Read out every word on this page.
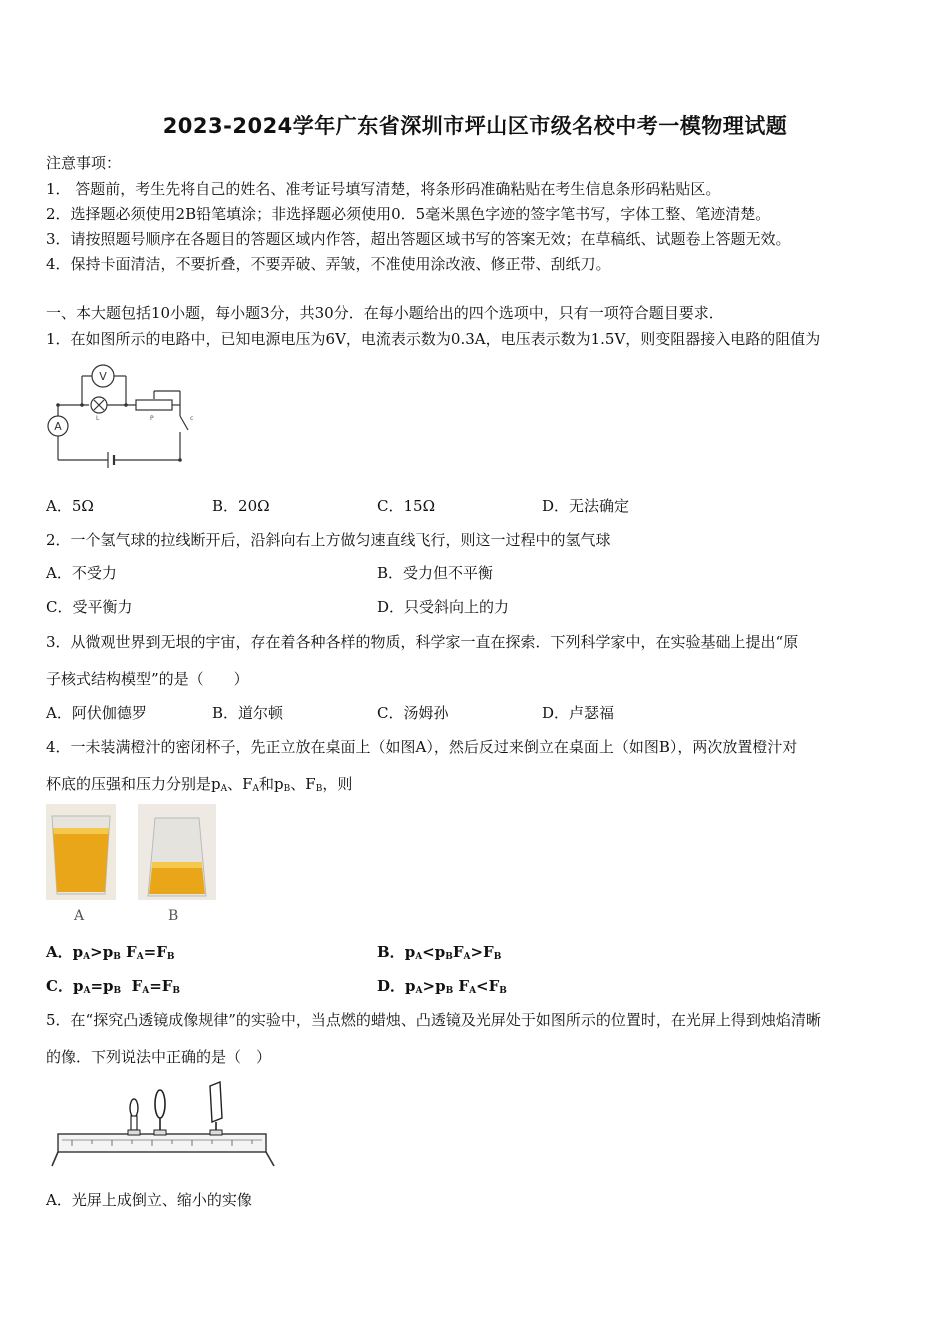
2023-2024学年广东省深圳市坪山区市级名校中考一模物理试题
注意事项：
1． 答题前，考生先将自己的姓名、准考证号填写清楚，将条形码准确粘贴在考生信息条形码粘贴区。
2．选择题必须使用2B铅笔填涂；非选择题必须使用0．5毫米黑色字迹的签字笔书写，字体工整、笔迹清楚。
3．请按照题号顺序在各题目的答题区域内作答，超出答题区域书写的答案无效；在草稿纸、试题卷上答题无效。
4．保持卡面清洁，不要折叠，不要弄破、弄皱，不准使用涂改液、修正带、刮纸刀。
一、本大题包括10小题，每小题3分，共30分．在每小题给出的四个选项中，只有一项符合题目要求．
1．在如图所示的电路中，已知电源电压为6V，电流表示数为0.3A，电压表示数为1.5V，则变阻器接入电路的阻值为
V
A
L	P	c
A．5Ω	B．20Ω	C．15Ω	D．无法确定
2．一个氢气球的拉线断开后，沿斜向右上方做匀速直线飞行，则这一过程中的氢气球
A．不受力	B．受力但不平衡
C．受平衡力	D．只受斜向上的力
3．从微观世界到无垠的宇宙，存在着各种各样的物质，科学家一直在探索．下列科学家中，在实验基础上提出“原
子核式结构模型”的是（　　）
A．阿伏伽德罗	B．道尔顿	C．汤姆孙	D．卢瑟福
4．一未装满橙汁的密闭杯子，先正立放在桌面上（如图A），然后反过来倒立在桌面上（如图B），两次放置橙汁对
杯底的压强和压力分别是$p_A$、$F_A$和$p_B$、$F_B$，则
A	B
A．$p_A>p_B$ $F_A=F_B$	B．$p_A<p_BF_A>F_B$
C．$p_A=p_B$ $F_A=F_B$	D．$p_A>p_B$ $F_A<F_B$
5．在“探究凸透镜成像规律”的实验中，当点燃的蜡烛、凸透镜及光屏处于如图所示的位置时，在光屏上得到烛焰清晰
的像．下列说法中正确的是（　）
A．光屏上成倒立、缩小的实像
